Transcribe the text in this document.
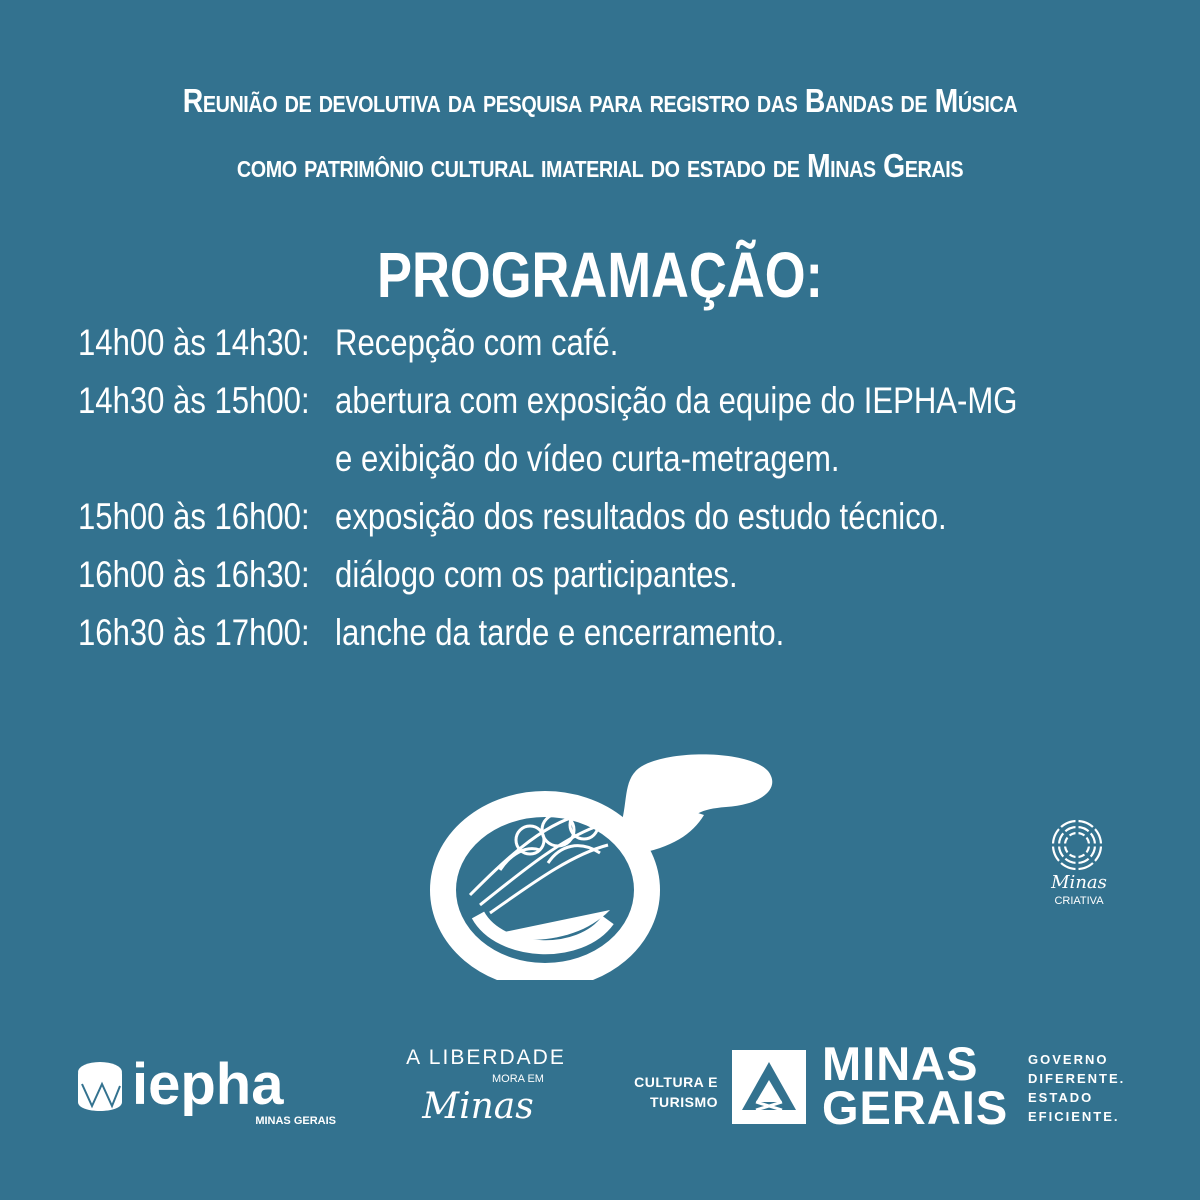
Reunião de devolutiva da pesquisa para registro das Bandas de Música
como patrimônio cultural imaterial do estado de Minas Gerais
PROGRAMAÇÃO:
14h00 às 14h30: Recepção com café.
14h30 às 15h00: abertura com exposição da equipe do IEPHA-MG
e exibição do vídeo curta-metragem.
15h00 às 16h00: exposição dos resultados do estudo técnico.
16h00 às 16h30: diálogo com os participantes.
16h30 às 17h00: lanche da tarde e encerramento.
Minas
CRIATIVA
iepha
MINAS GERAIS
A LIBERDADE
MORA EM
Minas
CULTURA E
TURISMO
MINAS
GERAIS
GOVERNO
DIFERENTE.
ESTADO
EFICIENTE.
